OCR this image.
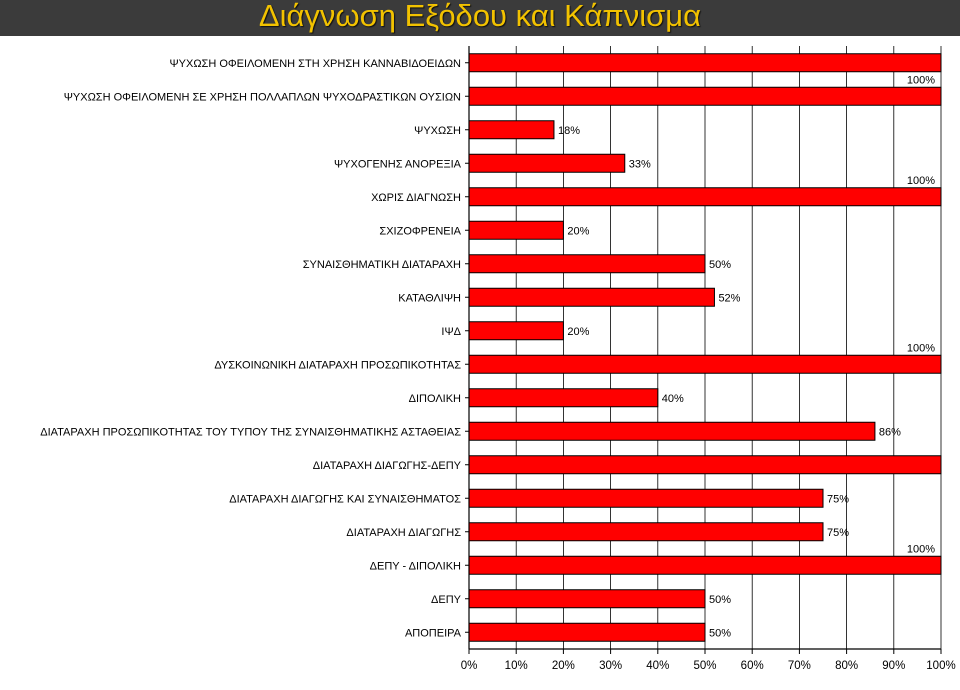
Διάγνωση Εξόδου και Κάπνισμα
ΨΥΧΩΣΗ ΟΦΕΙΛΟΜΕΝΗ ΣΤΗ ΧΡΗΣΗ ΚΑΝΝΑΒΙΔΟΕΙΔΩΝ
ΨΥΧΩΣΗ ΟΦΕΙΛΟΜΕΝΗ ΣΕ ΧΡΗΣΗ ΠΟΛΛΑΠΛΩΝ ΨΥΧΟΔΡΑΣΤΙΚΩΝ ΟΥΣΙΩΝ
ΨΥΧΩΣΗ
ΨΥΧΟΓΕΝΗΣ ΑΝΟΡΕΞΙΑ
ΧΩΡΙΣ ΔΙΑΓΝΩΣΗ
ΣΧΙΖΟΦΡΕΝΕΙΑ
ΣΥΝΑΙΣΘΗΜΑΤΙΚΗ ΔΙΑΤΑΡΑΧΗ
ΚΑΤΑΘΛΙΨΗ
ΙΨΔ
ΔΥΣΚΟΙΝΩΝΙΚΗ ΔΙΑΤΑΡΑΧΗ ΠΡΟΣΩΠΙΚΟΤΗΤΑΣ
ΔΙΠΟΛΙΚΗ
ΔΙΑΤΑΡΑΧΗ ΠΡΟΣΩΠΙΚΟΤΗΤΑΣ ΤΟΥ ΤΥΠΟΥ ΤΗΣ ΣΥΝΑΙΣΘΗΜΑΤΙΚΗΣ ΑΣΤΑΘΕΙΑΣ
ΔΙΑΤΑΡΑΧΗ ΔΙΑΓΩΓΗΣ-ΔΕΠΥ
ΔΙΑΤΑΡΑΧΗ ΔΙΑΓΩΓΗΣ ΚΑΙ ΣΥΝΑΙΣΘΗΜΑΤΟΣ
ΔΙΑΤΑΡΑΧΗ ΔΙΑΓΩΓΗΣ
ΔΕΠΥ - ΔΙΠΟΛΙΚΗ
ΔΕΠΥ
ΑΠΟΠΕΙΡΑ
100%
18%
33%
100%
20%
50%
52%
20%
100%
40%
86%
75%
75%
100%
50%
50%
0% 10% 20% 30% 40% 50% 60% 70% 80% 90% 100%
